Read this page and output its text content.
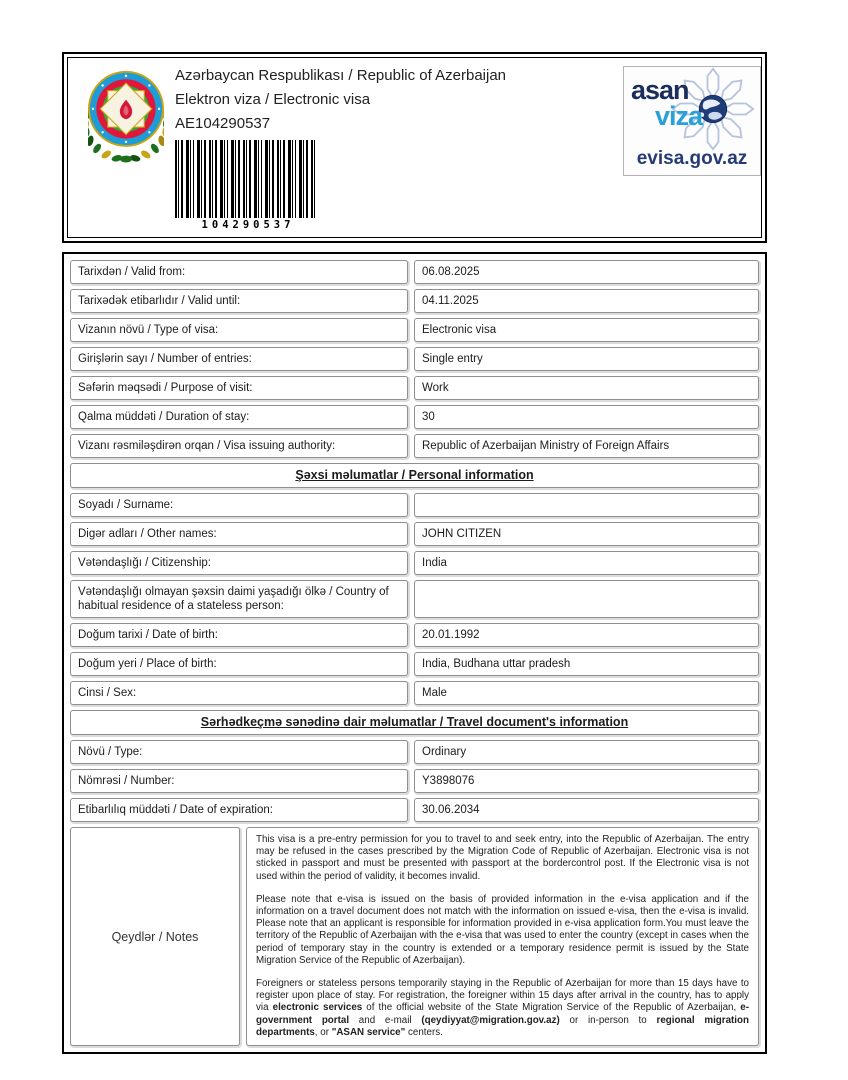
Azərbaycan Respublikası / Republic of Azerbaijan
Elektron viza / Electronic visa
AE104290537
104290537
asan
viza
evisa.gov.az
Tarixdən / Valid from:	06.08.2025
Tarixədək etibarlıdır / Valid until:	04.11.2025
Vizanın növü / Type of visa:	Electronic visa
Girişlərin sayı / Number of entries:	Single entry
Səfərin məqsədi / Purpose of visit:	Work
Qalma müddəti / Duration of stay:	30
Vizanı rəsmiləşdirən orqan / Visa issuing authority:	Republic of Azerbaijan Ministry of Foreign Affairs
Şəxsi məlumatlar / Personal information
Soyadı / Surname:
Digər adları / Other names:	JOHN CITIZEN
Vətəndaşlığı / Citizenship:	India
Vətəndaşlığı olmayan şəxsin daimi yaşadığı ölkə / Country of habitual residence of a stateless person:
Doğum tarixi / Date of birth:	20.01.1992
Doğum yeri / Place of birth:	India, Budhana uttar pradesh
Cinsi / Sex:	Male
Sərhədkeçmə sənədinə dair məlumatlar / Travel document's information
Növü / Type:	Ordinary
Nömrəsi / Number:	Y3898076
Etibarlılıq müddəti / Date of expiration:	30.06.2034
Qeydlər / Notes

This visa is a pre-entry permission for you to travel to and seek entry, into the Republic of Azerbaijan. The entry may be refused in the cases prescribed by the Migration Code of Republic of Azerbaijan. Electronic visa is not sticked in passport and must be presented with passport at the bordercontrol post. If the Electronic visa is not used within the period of validity, it becomes invalid.

Please note that e-visa is issued on the basis of provided information in the e-visa application and if the information on a travel document does not match with the information on issued e-visa, then the e-visa is invalid. Please note that an applicant is responsible for information provided in e-visa application form.You must leave the territory of the Republic of Azerbaijan with the e-visa that was used to enter the country (except in cases when the period of temporary stay in the country is extended or a temporary residence permit is issued by the State Migration Service of the Republic of Azerbaijan).

Foreigners or stateless persons temporarily staying in the Republic of Azerbaijan for more than 15 days have to register upon place of stay. For registration, the foreigner within 15 days after arrival in the country, has to apply via electronic services of the official website of the State Migration Service of the Republic of Azerbaijan, e-government portal and e-mail (qeydiyyat@migration.gov.az) or in-person to regional migration departments, or "ASAN service" centers.
